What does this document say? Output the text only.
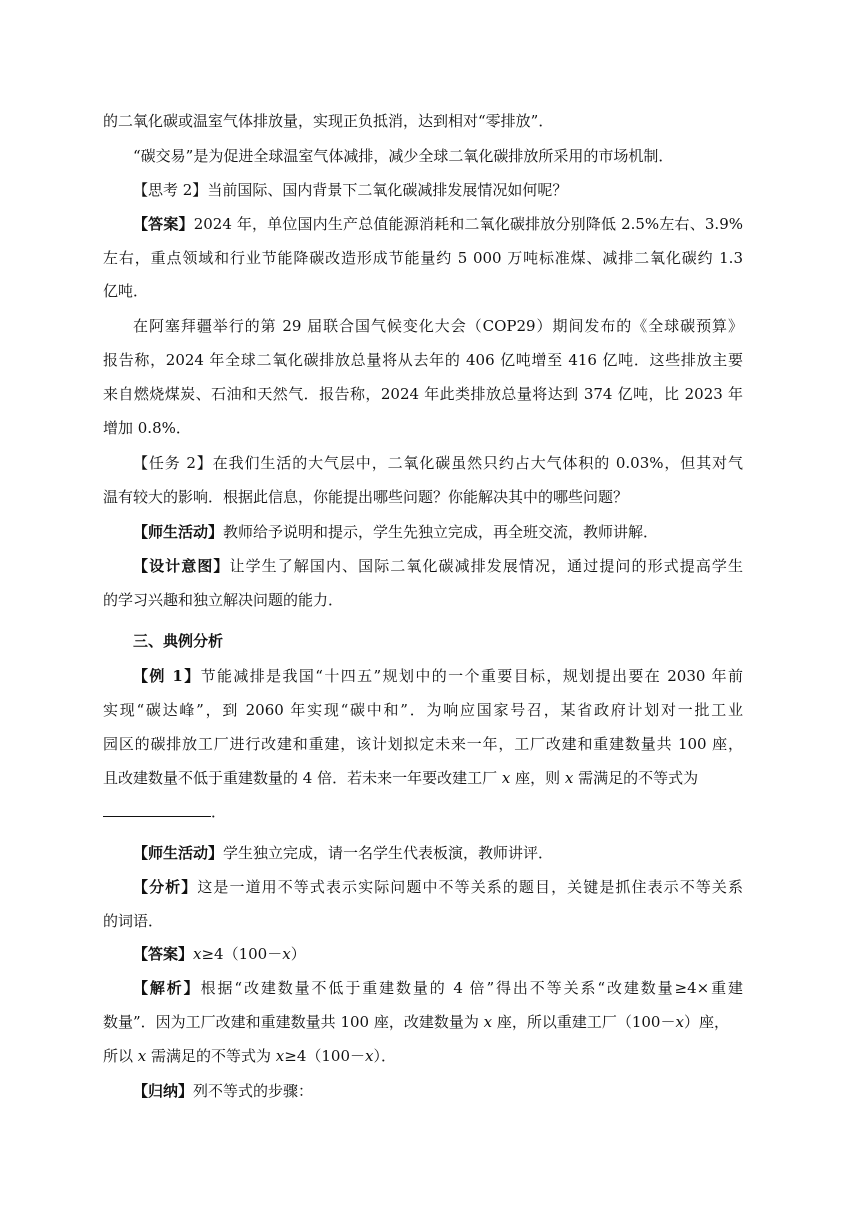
的二氧化碳或温室气体排放量，实现正负抵消，达到相对“零排放”．
“碳交易”是为促进全球温室气体减排，减少全球二氧化碳排放所采用的市场机制．
【思考 2】当前国际、国内背景下二氧化碳减排发展情况如何呢？
【答案】2024 年，单位国内生产总值能源消耗和二氧化碳排放分别降低 2.5%左右、3.9%
左右，重点领域和行业节能降碳改造形成节能量约 5 000 万吨标准煤、减排二氧化碳约 1.3
亿吨．
在阿塞拜疆举行的第 29 届联合国气候变化大会（COP29）期间发布的《全球碳预算》
报告称，2024 年全球二氧化碳排放总量将从去年的 406 亿吨增至 416 亿吨．这些排放主要
来自燃烧煤炭、石油和天然气．报告称，2024 年此类排放总量将达到 374 亿吨，比 2023 年
增加 0.8%．
【任务 2】在我们生活的大气层中，二氧化碳虽然只约占大气体积的 0.03%，但其对气
温有较大的影响．根据此信息，你能提出哪些问题？你能解决其中的哪些问题？
【师生活动】教师给予说明和提示，学生先独立完成，再全班交流，教师讲解．
【设计意图】让学生了解国内、国际二氧化碳减排发展情况，通过提问的形式提高学生
的学习兴趣和独立解决问题的能力．
三、典例分析
【例 1】节能减排是我国“十四五”规划中的一个重要目标，规划提出要在 2030 年前
实现“碳达峰”，到 2060 年实现“碳中和”．为响应国家号召，某省政府计划对一批工业
园区的碳排放工厂进行改建和重建，该计划拟定未来一年，工厂改建和重建数量共 100 座，
且改建数量不低于重建数量的 4 倍．若未来一年要改建工厂 x 座，则 x 需满足的不等式为
．
【师生活动】学生独立完成，请一名学生代表板演，教师讲评．
【分析】这是一道用不等式表示实际问题中不等关系的题目，关键是抓住表示不等关系
的词语．
【答案】x≥4（100－x）
【解析】根据“改建数量不低于重建数量的 4 倍”得出不等关系“改建数量≥4×重建
数量”．因为工厂改建和重建数量共 100 座，改建数量为 x 座，所以重建工厂（100－x）座，
所以 x 需满足的不等式为 x≥4（100－x）．
【归纳】列不等式的步骤：
